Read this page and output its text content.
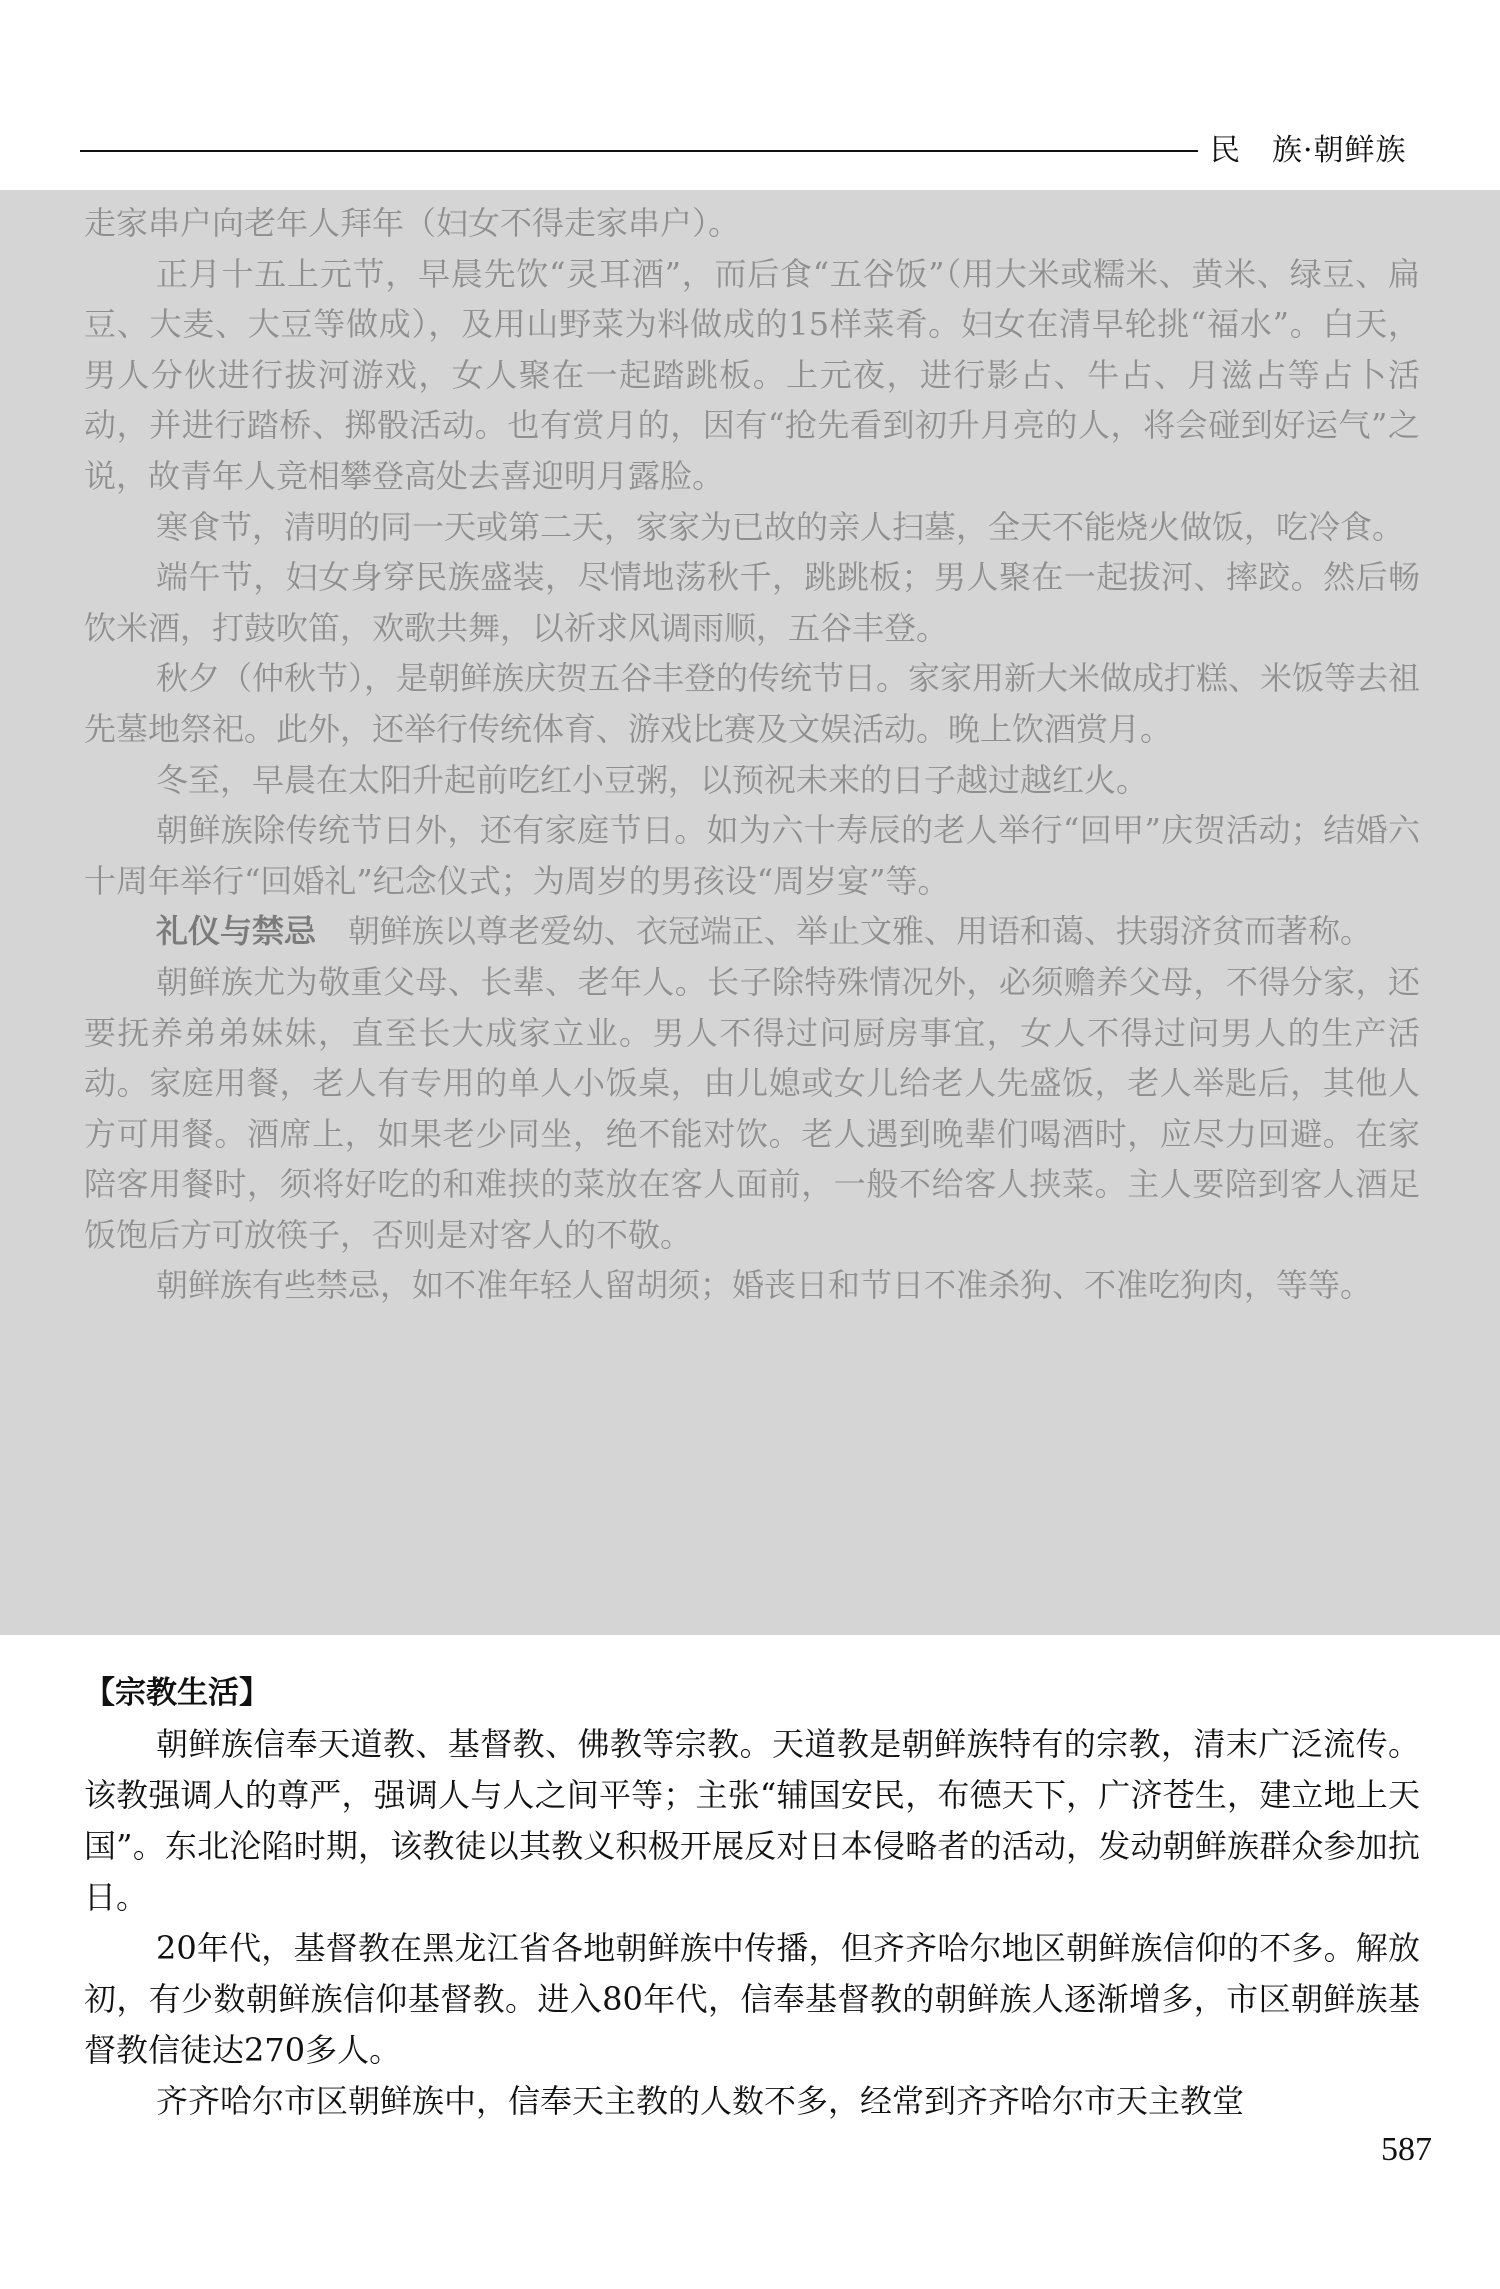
民　族·朝鲜族

走家串户向老年人拜年（妇女不得走家串户）。

正月十五上元节，早晨先饮“灵耳酒”，而后食“五谷饭”（用大米或糯米、黄米、绿豆、扁豆、大麦、大豆等做成），及用山野菜为料做成的15样菜肴。妇女在清早轮挑“福水”。白天，男人分伙进行拔河游戏，女人聚在一起踏跳板。上元夜，进行影占、牛占、月滋占等占卜活动，并进行踏桥、掷骰活动。也有赏月的，因有“抢先看到初升月亮的人，将会碰到好运气”之说，故青年人竞相攀登高处去喜迎明月露脸。

寒食节，清明的同一天或第二天，家家为已故的亲人扫墓，全天不能烧火做饭，吃冷食。

端午节，妇女身穿民族盛装，尽情地荡秋千，跳跳板；男人聚在一起拔河、摔跤。然后畅饮米酒，打鼓吹笛，欢歌共舞，以祈求风调雨顺，五谷丰登。

秋夕（仲秋节），是朝鲜族庆贺五谷丰登的传统节日。家家用新大米做成打糕、米饭等去祖先墓地祭祀。此外，还举行传统体育、游戏比赛及文娱活动。晚上饮酒赏月。

冬至，早晨在太阳升起前吃红小豆粥，以预祝未来的日子越过越红火。

朝鲜族除传统节日外，还有家庭节日。如为六十寿辰的老人举行“回甲”庆贺活动；结婚六十周年举行“回婚礼”纪念仪式；为周岁的男孩设“周岁宴”等。

礼仪与禁忌　朝鲜族以尊老爱幼、衣冠端正、举止文雅、用语和蔼、扶弱济贫而著称。

朝鲜族尤为敬重父母、长辈、老年人。长子除特殊情况外，必须赡养父母，不得分家，还要抚养弟弟妹妹，直至长大成家立业。男人不得过问厨房事宜，女人不得过问男人的生产活动。家庭用餐，老人有专用的单人小饭桌，由儿媳或女儿给老人先盛饭，老人举匙后，其他人方可用餐。酒席上，如果老少同坐，绝不能对饮。老人遇到晚辈们喝酒时，应尽力回避。在家陪客用餐时，须将好吃的和难挟的菜放在客人面前，一般不给客人挟菜。主人要陪到客人酒足饭饱后方可放筷子，否则是对客人的不敬。

朝鲜族有些禁忌，如不准年轻人留胡须；婚丧日和节日不准杀狗、不准吃狗肉，等等。

【宗教生活】

朝鲜族信奉天道教、基督教、佛教等宗教。天道教是朝鲜族特有的宗教，清末广泛流传。该教强调人的尊严，强调人与人之间平等；主张“辅国安民，布德天下，广济苍生，建立地上天国”。东北沦陷时期，该教徒以其教义积极开展反对日本侵略者的活动，发动朝鲜族群众参加抗日。

20年代，基督教在黑龙江省各地朝鲜族中传播，但齐齐哈尔地区朝鲜族信仰的不多。解放初，有少数朝鲜族信仰基督教。进入80年代，信奉基督教的朝鲜族人逐渐增多，市区朝鲜族基督教信徒达270多人。

齐齐哈尔市区朝鲜族中，信奉天主教的人数不多，经常到齐齐哈尔市天主教堂

587
